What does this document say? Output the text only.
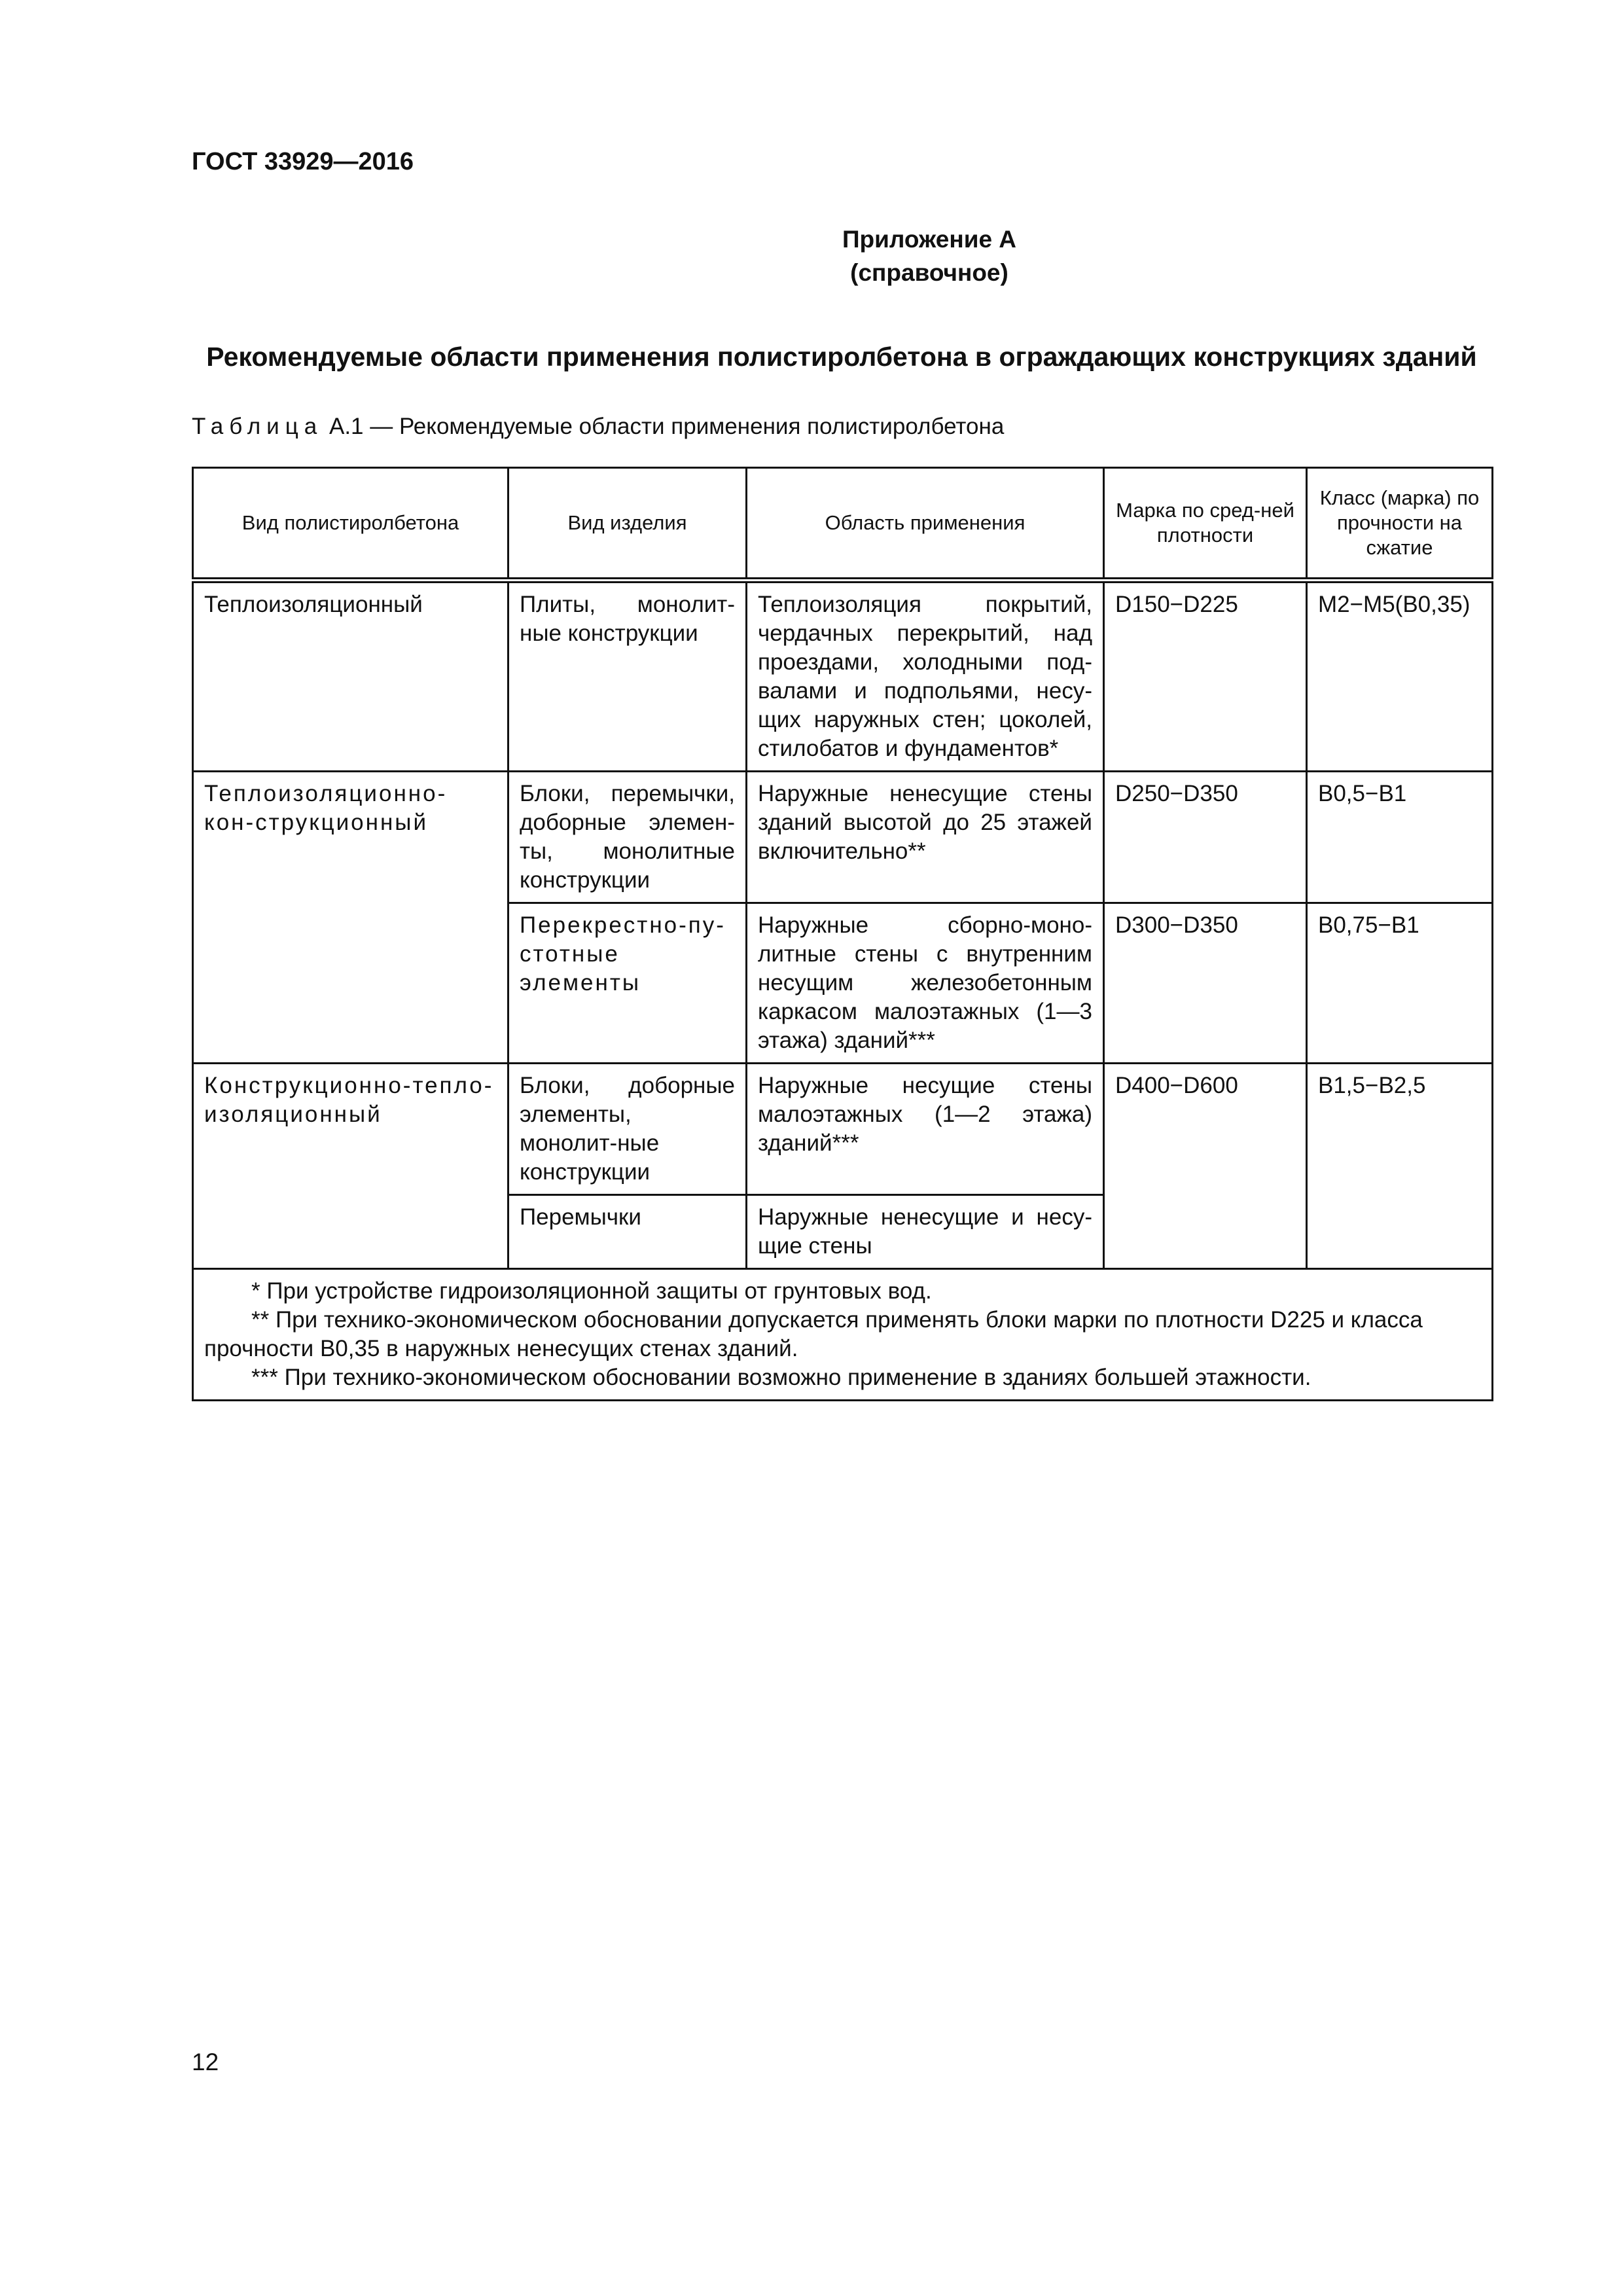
ГОСТ 33929—2016
Приложение А
(справочное)
Рекомендуемые области применения полистиролбетона в ограждающих конструкциях зданий
Таблица А.1 — Рекомендуемые области применения полистиролбетона
Вид полистиролбетона	Вид изделия	Область применения	Марка по сред-ней плотности	Класс (марка) по прочности на сжатие
Теплоизоляционный	Плиты, монолит-ные конструкции	Теплоизоляция покрытий, чердачных перекрытий, над проездами, холодными под-валами и подпольями, несу-щих наружных стен; цоколей, стилобатов и фундаментов*	D150−D225	М2−М5(В0,35)
Теплоизоляционно-кон-струкционный	Блоки, перемычки, доборные элемен-ты, монолитные конструкции	Наружные ненесущие стены зданий высотой до 25 этажей включительно**	D250−D350	В0,5−В1
	Перекрестно-пу-стотные элементы	Наружные сборно-моно-литные стены с внутренним несущим железобетонным каркасом малоэтажных (1—3 этажа) зданий***	D300−D350	В0,75−В1
Конструкционно-тепло-изоляционный	Блоки, доборные элементы, монолит-ные конструкции	Наружные несущие стены малоэтажных (1—2 этажа) зданий***	D400−D600	В1,5−В2,5
	Перемычки	Наружные ненесущие и несу-щие стены		

* При устройстве гидроизоляционной защиты от грунтовых вод.
** При технико-экономическом обосновании допускается применять блоки марки по плотности D225 и класса прочности В0,35 в наружных ненесущих стенах зданий.
*** При технико-экономическом обосновании возможно применение в зданиях большей этажности.				
12
